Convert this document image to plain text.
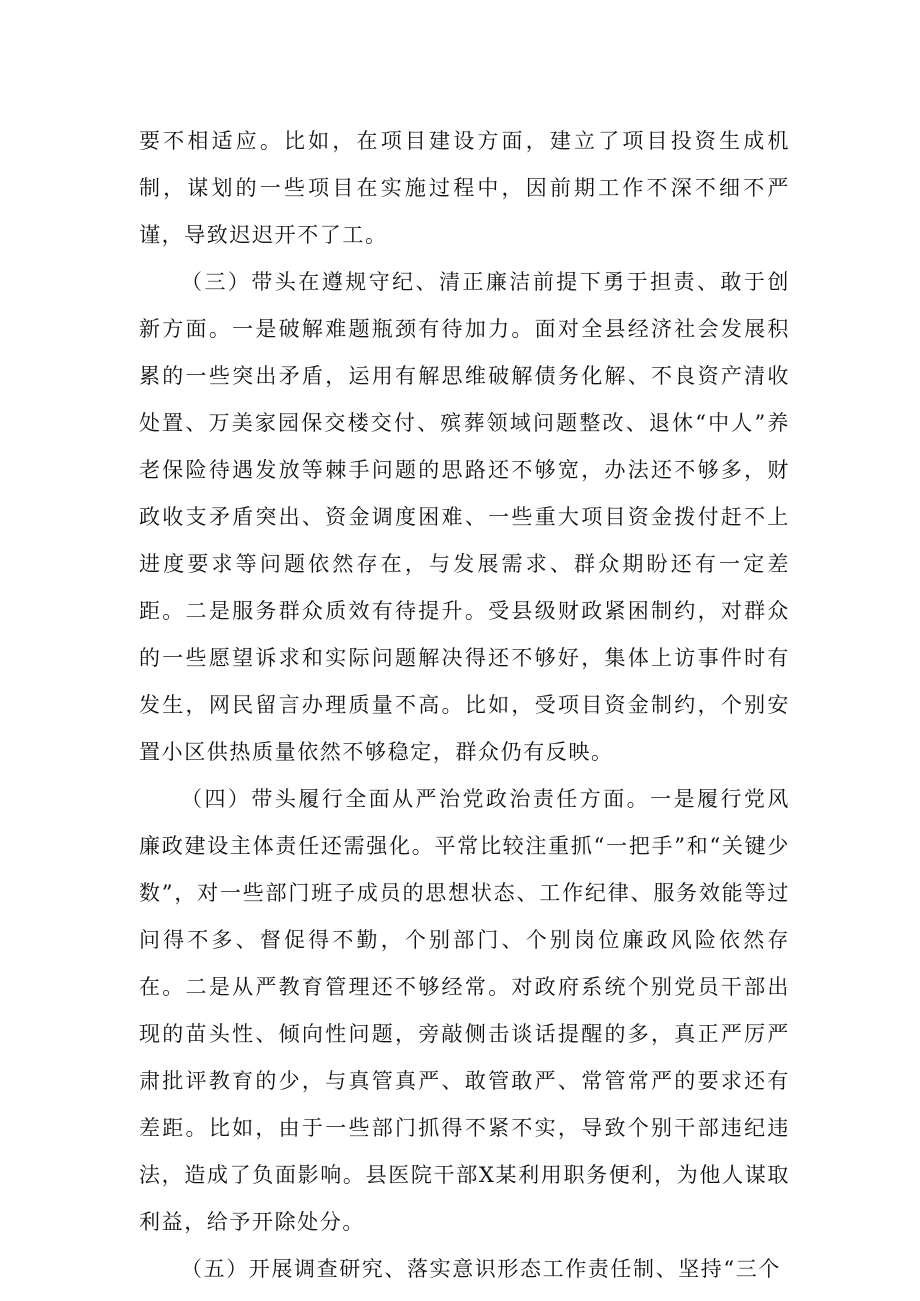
要不相适应。比如，在项目建设方面，建立了项目投资生成机制，谋划的一些项目在实施过程中，因前期工作不深不细不严谨，导致迟迟开不了工。

（三）带头在遵规守纪、清正廉洁前提下勇于担责、敢于创新方面。一是破解难题瓶颈有待加力。面对全县经济社会发展积累的一些突出矛盾，运用有解思维破解债务化解、不良资产清收处置、万美家园保交楼交付、殡葬领域问题整改、退休“中人”养老保险待遇发放等棘手问题的思路还不够宽，办法还不够多，财政收支矛盾突出、资金调度困难、一些重大项目资金拨付赶不上进度要求等问题依然存在，与发展需求、群众期盼还有一定差距。二是服务群众质效有待提升。受县级财政紧困制约，对群众的一些愿望诉求和实际问题解决得还不够好，集体上访事件时有发生，网民留言办理质量不高。比如，受项目资金制约，个别安置小区供热质量依然不够稳定，群众仍有反映。

（四）带头履行全面从严治党政治责任方面。一是履行党风廉政建设主体责任还需强化。平常比较注重抓“一把手”和“关键少数”，对一些部门班子成员的思想状态、工作纪律、服务效能等过问得不多、督促得不勤，个别部门、个别岗位廉政风险依然存在。二是从严教育管理还不够经常。对政府系统个别党员干部出现的苗头性、倾向性问题，旁敲侧击谈话提醒的多，真正严厉严肃批评教育的少，与真管真严、敢管敢严、常管常严的要求还有差距。比如，由于一些部门抓得不紧不实，导致个别干部违纪违法，造成了负面影响。县医院干部X某利用职务便利，为他人谋取利益，给予开除处分。

（五）开展调查研究、落实意识形态工作责任制、坚持“三个
